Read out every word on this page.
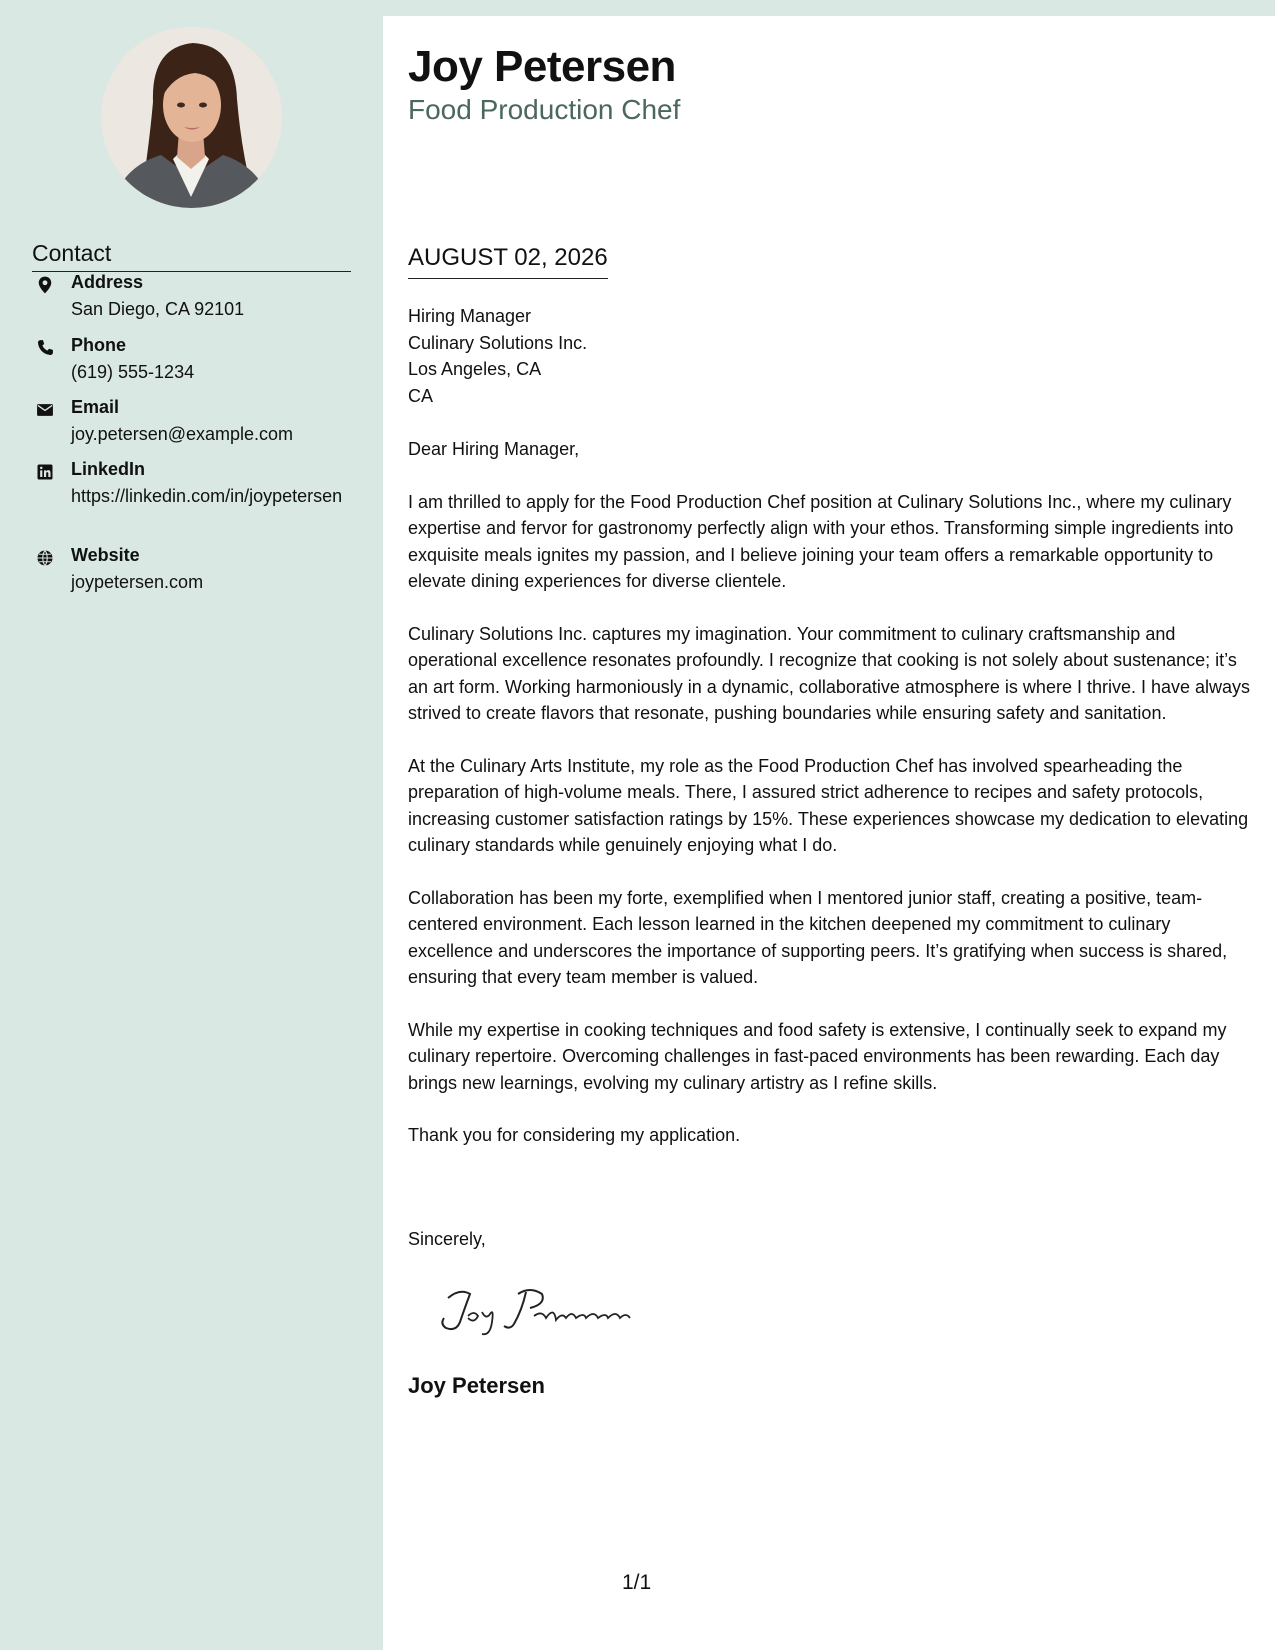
Contact
Address
San Diego, CA 92101
Phone
(619) 555-1234
Email
joy.petersen@example.com
LinkedIn
https://linkedin.com/in/joypetersen
Website
joypetersen.com
Joy Petersen
Food Production Chef
AUGUST 02, 2026
Hiring Manager
Culinary Solutions Inc.
Los Angeles, CA
CA

Dear Hiring Manager,

I am thrilled to apply for the Food Production Chef position at Culinary Solutions Inc., where my culinary expertise and fervor for gastronomy perfectly align with your ethos. Transforming simple ingredients into exquisite meals ignites my passion, and I believe joining your team offers a remarkable opportunity to elevate dining experiences for diverse clientele.

Culinary Solutions Inc. captures my imagination. Your commitment to culinary craftsmanship and operational excellence resonates profoundly. I recognize that cooking is not solely about sustenance; it’s an art form. Working harmoniously in a dynamic, collaborative atmosphere is where I thrive. I have always strived to create flavors that resonate, pushing boundaries while ensuring safety and sanitation.

At the Culinary Arts Institute, my role as the Food Production Chef has involved spearheading the preparation of high-volume meals. There, I assured strict adherence to recipes and safety protocols, increasing customer satisfaction ratings by 15%. These experiences showcase my dedication to elevating culinary standards while genuinely enjoying what I do.

Collaboration has been my forte, exemplified when I mentored junior staff, creating a positive, team-centered environment. Each lesson learned in the kitchen deepened my commitment to culinary excellence and underscores the importance of supporting peers. It’s gratifying when success is shared, ensuring that every team member is valued.

While my expertise in cooking techniques and food safety is extensive, I continually seek to expand my culinary repertoire. Overcoming challenges in fast-paced environments has been rewarding. Each day brings new learnings, evolving my culinary artistry as I refine skills.

Thank you for considering my application.

Sincerely,
Joy Petersen
1/1
